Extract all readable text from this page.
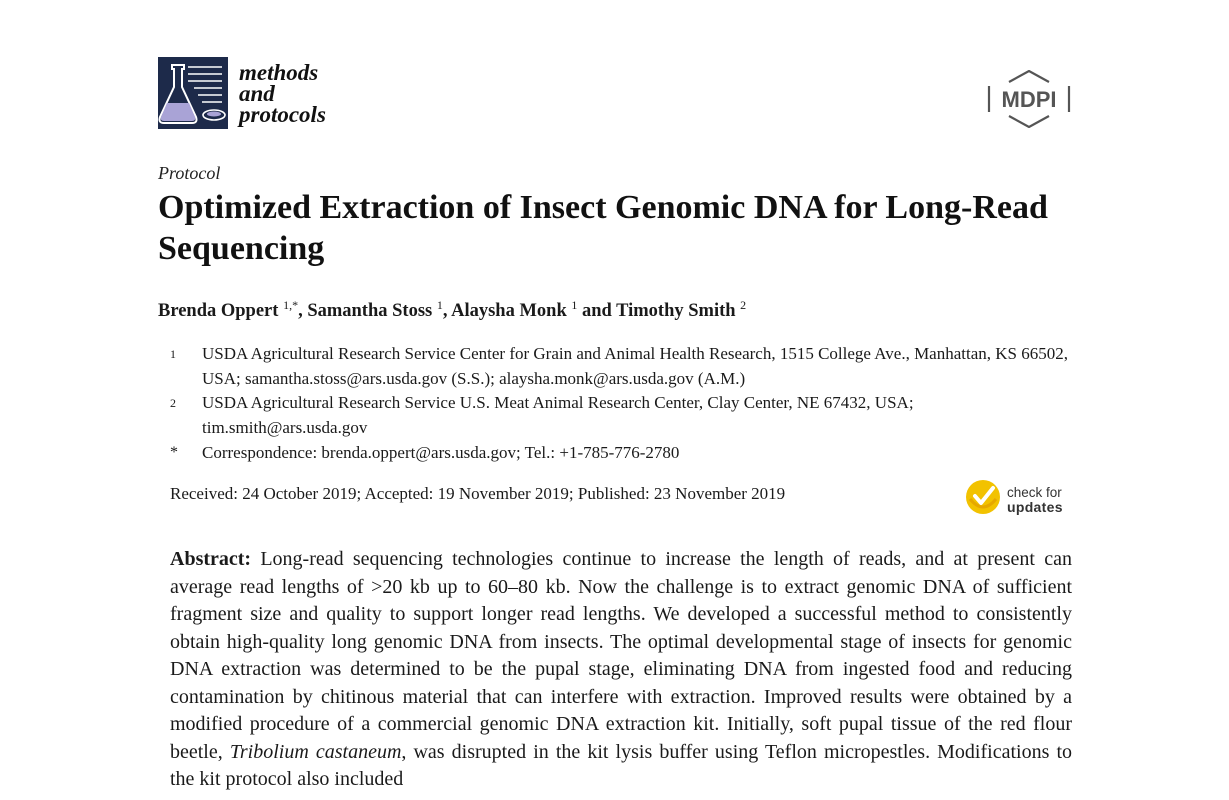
methods
and
protocols
MDPI
Protocol
Optimized Extraction of Insect Genomic DNA for Long-Read Sequencing
Brenda Oppert $^{1,*}$, Samantha Stoss $^1$, Alaysha Monk $^1$ and Timothy Smith $^2$
1 USDA Agricultural Research Service Center for Grain and Animal Health Research, 1515 College Ave., Manhattan, KS 66502, USA; samantha.stoss@ars.usda.gov (S.S.); alaysha.monk@ars.usda.gov (A.M.)
2 USDA Agricultural Research Service U.S. Meat Animal Research Center, Clay Center, NE 67432, USA; tim.smith@ars.usda.gov
* Correspondence: brenda.oppert@ars.usda.gov; Tel.: +1-785-776-2780
Received: 24 October 2019; Accepted: 19 November 2019; Published: 23 November 2019	check for
updates

Abstract: Long-read sequencing technologies continue to increase the length of reads, and at present can average read lengths of >20 kb up to 60–80 kb. Now the challenge is to extract genomic DNA of sufficient fragment size and quality to support longer read lengths. We developed a successful method to consistently obtain high-quality long genomic DNA from insects. The optimal developmental stage of insects for genomic DNA extraction was determined to be the pupal stage, eliminating DNA from ingested food and reducing contamination by chitinous material that can interfere with extraction. Improved results were obtained by a modified procedure of a commercial genomic DNA extraction kit. Initially, soft pupal tissue of the red flour beetle, Tribolium castaneum, was disrupted in the kit lysis buffer using Teflon micropestles. Modifications to the kit protocol also included
